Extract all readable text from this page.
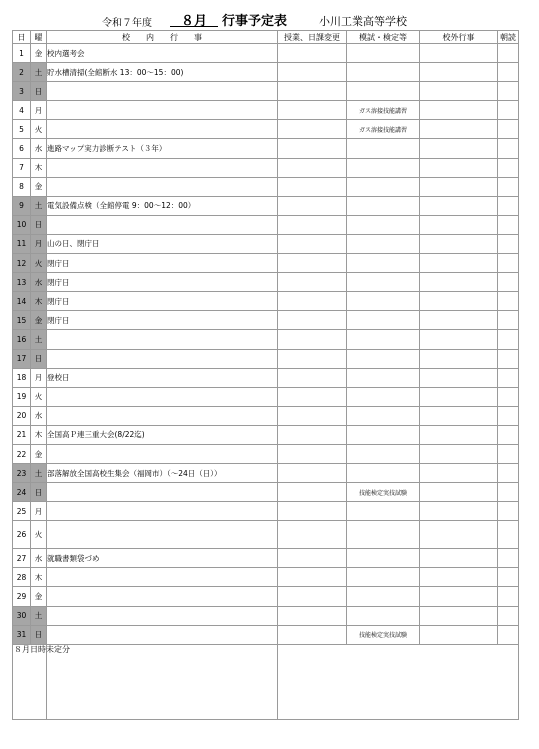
令和７年度	８月	行事予定表	小川工業高等学校
日	曜	校　　内　　行　　事	授業、日課変更	模試・検定等	校外行事	朝読
1	金	校内選考会				
2	土	貯水槽清掃(全館断水 13：00～15：00)				
3	日					
4	月			ガス溶接技能講習		
5	火			ガス溶接技能講習		
6	水	進路マップ実力診断テスト（３年）				
7	木					
8	金					
9	土	電気設備点検（全館停電 9：00～12：00）				
10	日					
11	月	山の日、閉庁日				
12	火	閉庁日				
13	水	閉庁日				
14	木	閉庁日				
15	金	閉庁日				
16	土					
17	日					
18	月	登校日				
19	火					
20	水					
21	木	全国高Ｐ連三重大会(8/22迄)				
22	金					
23	土	部落解放全国高校生集会（福岡市）（～24日（日））				
24	日			技能検定実技試験		
25	月					
26	火					
27	水	就職書類袋づめ				
28	木					
29	金					
30	土					
31	日			技能検定実技試験		
８月日時未定分						
